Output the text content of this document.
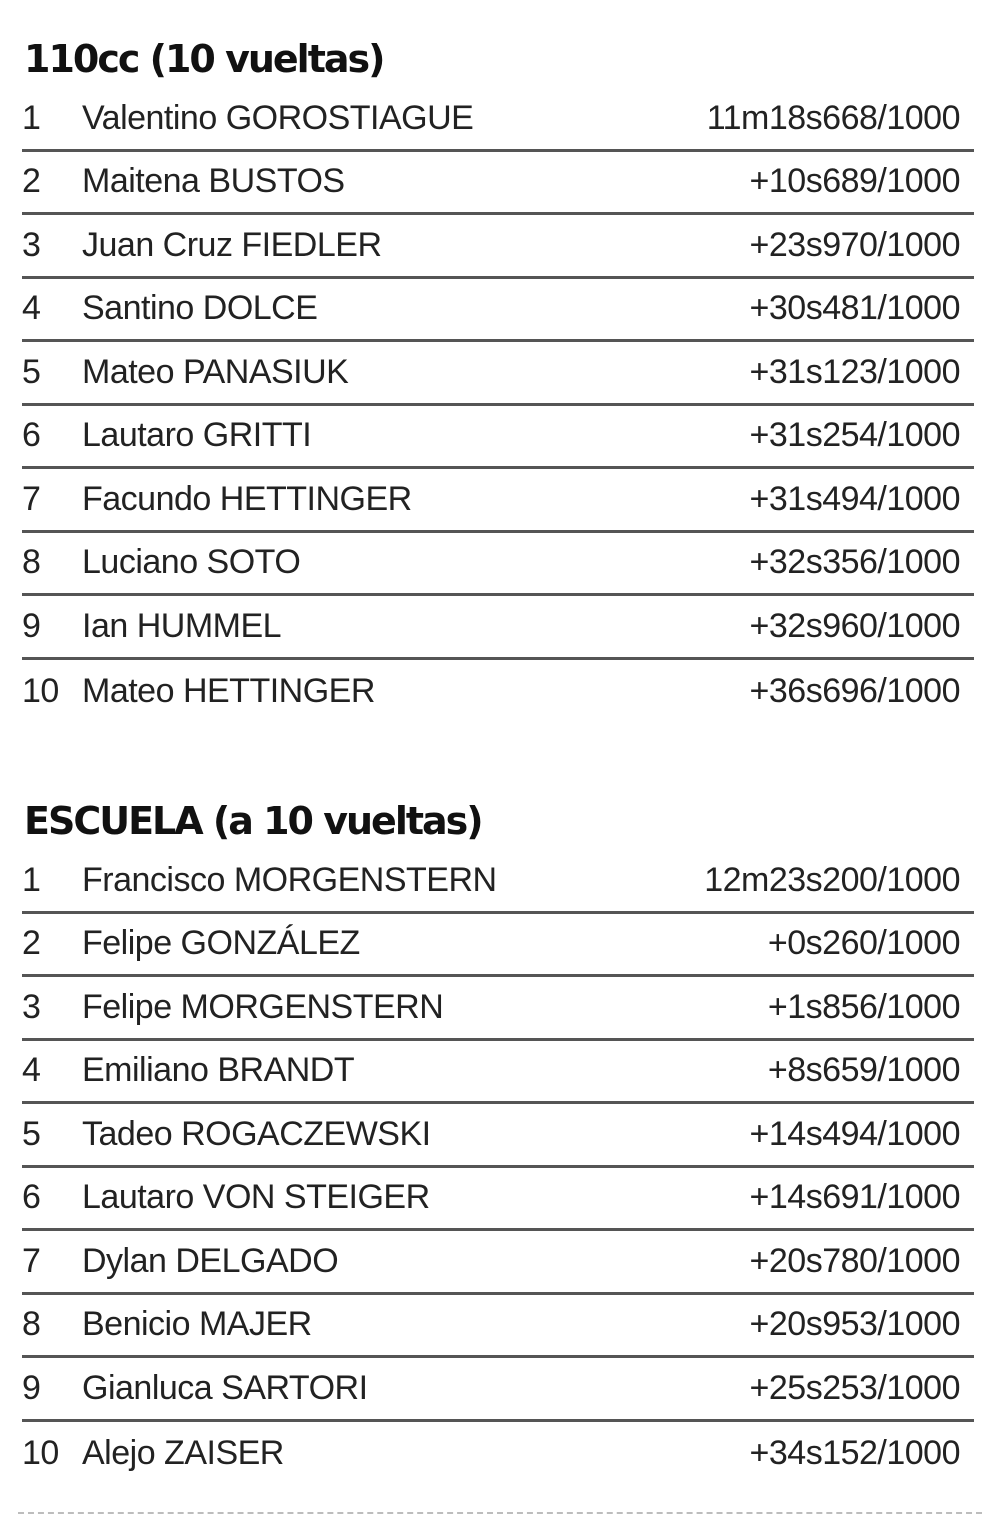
110cc (10 vueltas)
1	Valentino GOROSTIAGUE	11m18s668/1000
2	Maitena BUSTOS	+10s689/1000
3	Juan Cruz FIEDLER	+23s970/1000
4	Santino DOLCE	+30s481/1000
5	Mateo PANASIUK	+31s123/1000
6	Lautaro GRITTI	+31s254/1000
7	Facundo HETTINGER	+31s494/1000
8	Luciano SOTO	+32s356/1000
9	Ian HUMMEL	+32s960/1000
10 Mateo HETTINGER	+36s696/1000
ESCUELA (a 10 vueltas)
1	Francisco MORGENSTERN	12m23s200/1000
2	Felipe GONZÁLEZ	+0s260/1000
3	Felipe MORGENSTERN	+1s856/1000
4	Emiliano BRANDT	+8s659/1000
5	Tadeo ROGACZEWSKI	+14s494/1000
6	Lautaro VON STEIGER	+14s691/1000
7	Dylan DELGADO	+20s780/1000
8	Benicio MAJER	+20s953/1000
9	Gianluca SARTORI	+25s253/1000
10 Alejo ZAISER	+34s152/1000
